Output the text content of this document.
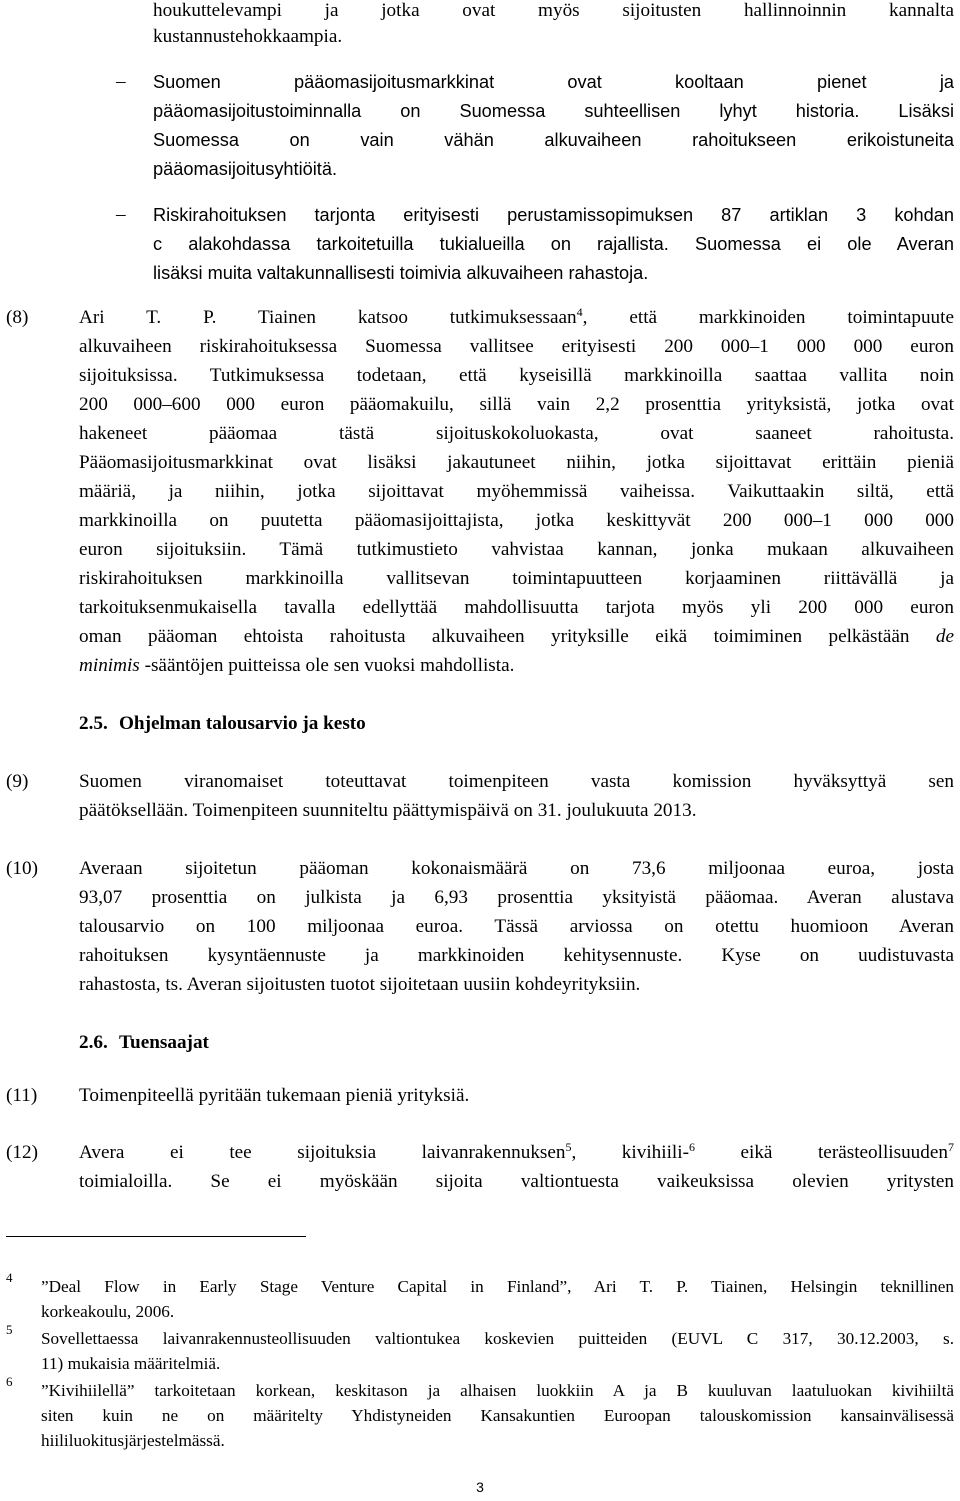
houkuttelevampi ja jotka ovat myös sijoitusten hallinnoinnin kannalta
kustannustehokkaampia.
– Suomen pääomasijoitusmarkkinat ovat kooltaan pienet ja
pääomasijoitustoiminnalla on Suomessa suhteellisen lyhyt historia. Lisäksi
Suomessa on vain vähän alkuvaiheen rahoitukseen erikoistuneita
pääomasijoitusyhtiöitä.
– Riskirahoituksen tarjonta erityisesti perustamissopimuksen 87 artiklan 3 kohdan
c alakohdassa tarkoitetuilla tukialueilla on rajallista. Suomessa ei ole Averan
lisäksi muita valtakunnallisesti toimivia alkuvaiheen rahastoja.
(8)	Ari T. P. Tiainen katsoo tutkimuksessaan$^4$, että markkinoiden toimintapuute
alkuvaiheen riskirahoituksessa Suomessa vallitsee erityisesti 200 000–1 000 000 euron
sijoituksissa. Tutkimuksessa todetaan, että kyseisillä markkinoilla saattaa vallita noin
200 000–600 000 euron pääomakuilu, sillä vain 2,2 prosenttia yrityksistä, jotka ovat
hakeneet pääomaa tästä sijoituskokoluokasta, ovat saaneet rahoitusta.
Pääomasijoitusmarkkinat ovat lisäksi jakautuneet niihin, jotka sijoittavat erittäin pieniä
määriä, ja niihin, jotka sijoittavat myöhemmissä vaiheissa. Vaikuttaakin siltä, että
markkinoilla on puutetta pääomasijoittajista, jotka keskittyvät 200 000–1 000 000
euron sijoituksiin. Tämä tutkimustieto vahvistaa kannan, jonka mukaan alkuvaiheen
riskirahoituksen markkinoilla vallitsevan toimintapuutteen korjaaminen riittävällä ja
tarkoituksenmukaisella tavalla edellyttää mahdollisuutta tarjota myös yli 200 000 euron
oman pääoman ehtoista rahoitusta alkuvaiheen yrityksille eikä toimiminen pelkästään de
minimis -sääntöjen puitteissa ole sen vuoksi mahdollista.
2.5. Ohjelman talousarvio ja kesto
(9)	Suomen viranomaiset toteuttavat toimenpiteen vasta komission hyväksyttyä sen
päätöksellään. Toimenpiteen suunniteltu päättymispäivä on 31. joulukuuta 2013.
(10) Averaan sijoitetun pääoman kokonaismäärä on 73,6 miljoonaa euroa, josta
93,07 prosenttia on julkista ja 6,93 prosenttia yksityistä pääomaa. Averan alustava
talousarvio on 100 miljoonaa euroa. Tässä arviossa on otettu huomioon Averan
rahoituksen kysyntäennuste ja markkinoiden kehitysennuste. Kyse on uudistuvasta
rahastosta, ts. Averan sijoitusten tuotot sijoitetaan uusiin kohdeyrityksiin.
2.6. Tuensaajat
(11) Toimenpiteellä pyritään tukemaan pieniä yrityksiä.
(12) Avera ei tee sijoituksia laivanrakennuksen$^5$, kivihiili-$^6$ eikä terästeollisuuden$^7$
toimialoilla. Se ei myöskään sijoita valtiontuesta vaikeuksissa olevien yritysten
4 ”Deal Flow in Early Stage Venture Capital in Finland”, Ari T. P. Tiainen, Helsingin teknillinen
korkeakoulu, 2006.
5 Sovellettaessa laivanrakennusteollisuuden valtiontukea koskevien puitteiden (EUVL C 317, 30.12.2003, s.
11) mukaisia määritelmiä.
6 ”Kivihiilellä” tarkoitetaan korkean, keskitason ja alhaisen luokkiin A ja B kuuluvan laatuluokan kivihiiltä
siten kuin ne on määritelty Yhdistyneiden Kansakuntien Euroopan talouskomission kansainvälisessä
hiililuokitusjärjestelmässä.
3
